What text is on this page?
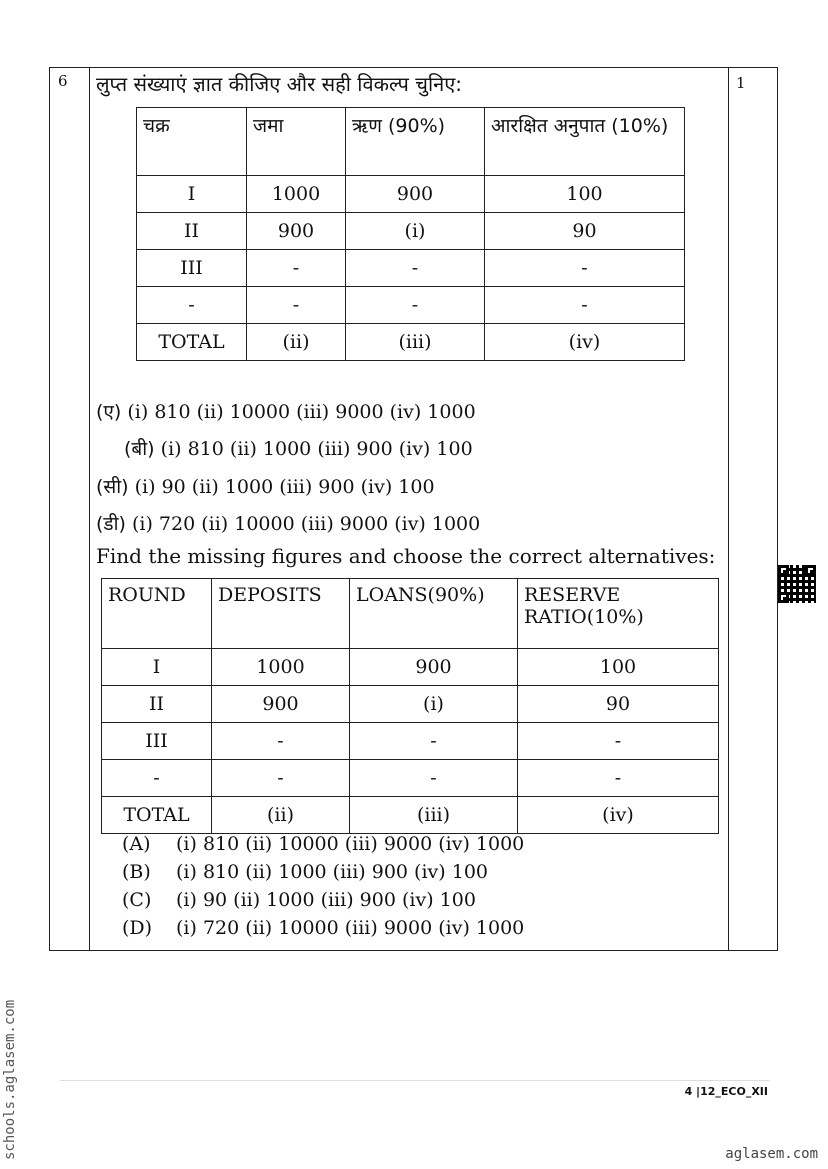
6	1
लुप्त संख्याएं ज्ञात कीजिए और सही विकल्प चुनिए:
चक्र	जमा	ऋण (90%)	आरक्षित अनुपात (10%)
I	1000	900	100
II	900	(i)	90
III	-	-	-
-	-	-	-
TOTAL	(ii)	(iii)	(iv)
(ए) (i) 810 (ii) 10000 (iii) 9000 (iv) 1000
(बी) (i) 810 (ii) 1000 (iii) 900 (iv) 100
(सी) (i) 90 (ii) 1000 (iii) 900 (iv) 100
(डी) (i) 720 (ii) 10000 (iii) 9000 (iv) 1000
Find the missing figures and choose the correct alternatives:
ROUND	DEPOSITS	LOANS(90%)	RESERVE RATIO(10%)
I	1000	900	100
II	900	(i)	90
III	-	-	-
-	-	-	-
TOTAL	(ii)	(iii)	(iv)
(A) (i) 810 (ii) 10000 (iii) 9000 (iv) 1000
(B) (i) 810 (ii) 1000 (iii) 900 (iv) 100
(C) (i) 90 (ii) 1000 (iii) 900 (iv) 100
(D) (i) 720 (ii) 10000 (iii) 9000 (iv) 1000
schools.aglasem.com	4 |12_ECO_XII
aglasem.com
